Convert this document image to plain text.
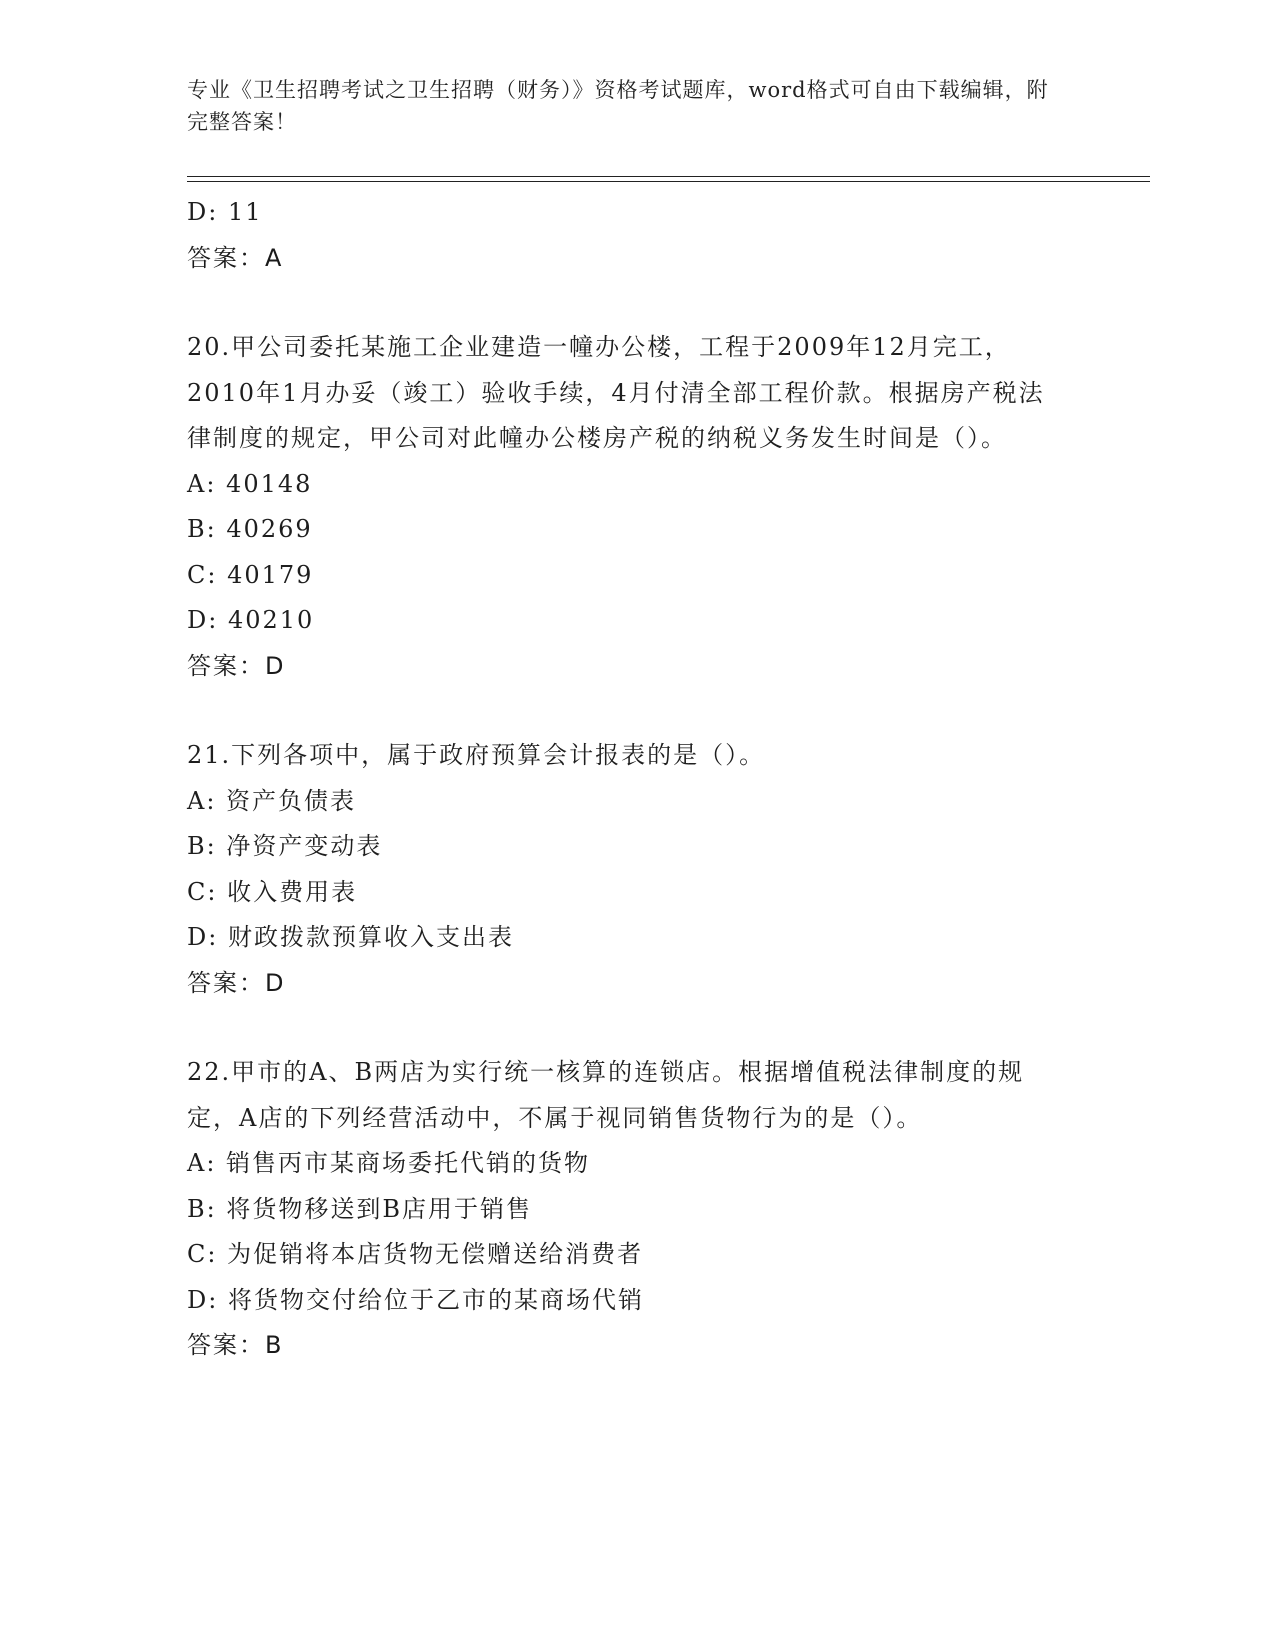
专业《卫生招聘考试之卫生招聘（财务）》资格考试题库，word格式可自由下载编辑，附完整答案！
D: 11
答案：A
20.甲公司委托某施工企业建造一幢办公楼，工程于2009年12月完工，2010年1月办妥（竣工）验收手续，4月付清全部工程价款。根据房产税法律制度的规定，甲公司对此幢办公楼房产税的纳税义务发生时间是（）。
A: 40148
B: 40269
C: 40179
D: 40210
答案：D
21.下列各项中，属于政府预算会计报表的是（）。
A: 资产负债表
B: 净资产变动表
C: 收入费用表
D: 财政拨款预算收入支出表
答案：D
22.甲市的A、B两店为实行统一核算的连锁店。根据增值税法律制度的规定，A店的下列经营活动中，不属于视同销售货物行为的是（）。
A: 销售丙市某商场委托代销的货物
B: 将货物移送到B店用于销售
C: 为促销将本店货物无偿赠送给消费者
D: 将货物交付给位于乙市的某商场代销
答案：B
